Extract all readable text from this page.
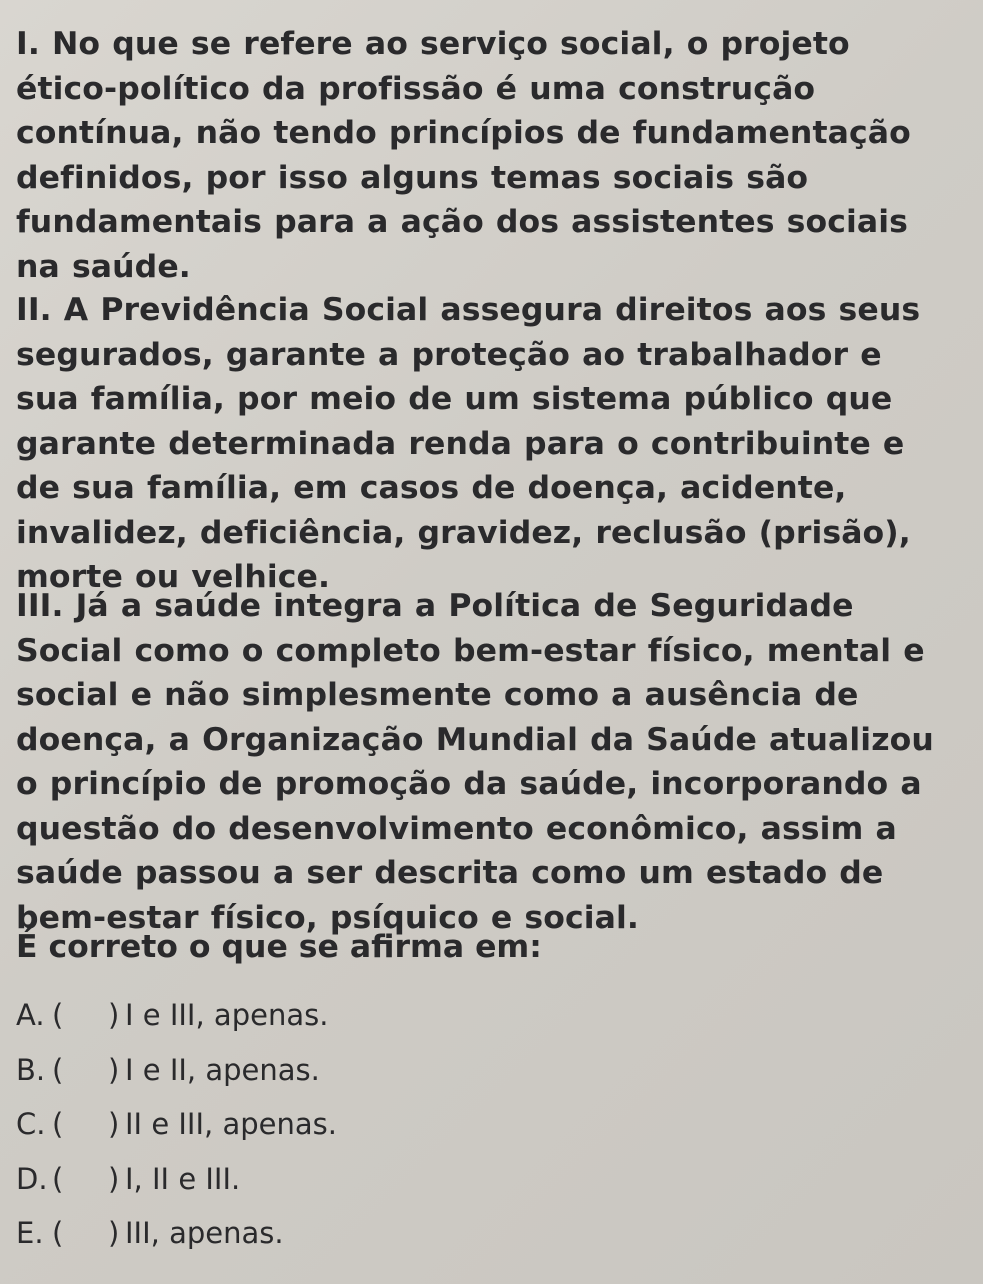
I. No que se refere ao serviço social, o projeto
ético-político da profissão é uma construção
contínua, não tendo princípios de fundamentação
definidos, por isso alguns temas sociais são
fundamentais para a ação dos assistentes sociais
na saúde.
II. A Previdência Social assegura direitos aos seus
segurados, garante a proteção ao trabalhador e
sua família, por meio de um sistema público que
garante determinada renda para o contribuinte e
de sua família, em casos de doença, acidente,
invalidez, deficiência, gravidez, reclusão (prisão),
morte ou velhice.
III. Já a saúde integra a Política de Seguridade
Social como o completo bem-estar físico, mental e
social e não simplesmente como a ausência de
doença, a Organização Mundial da Saúde atualizou
o princípio de promoção da saúde, incorporando a
questão do desenvolvimento econômico, assim a
saúde passou a ser descrita como um estado de
bem-estar físico, psíquico e social.
É correto o que se afirma em:
A. (	) I e III, apenas.
B. (	) I e II, apenas.
C. (	) II e III, apenas.
D. (	) I, II e III.
E. (	) III, apenas.
